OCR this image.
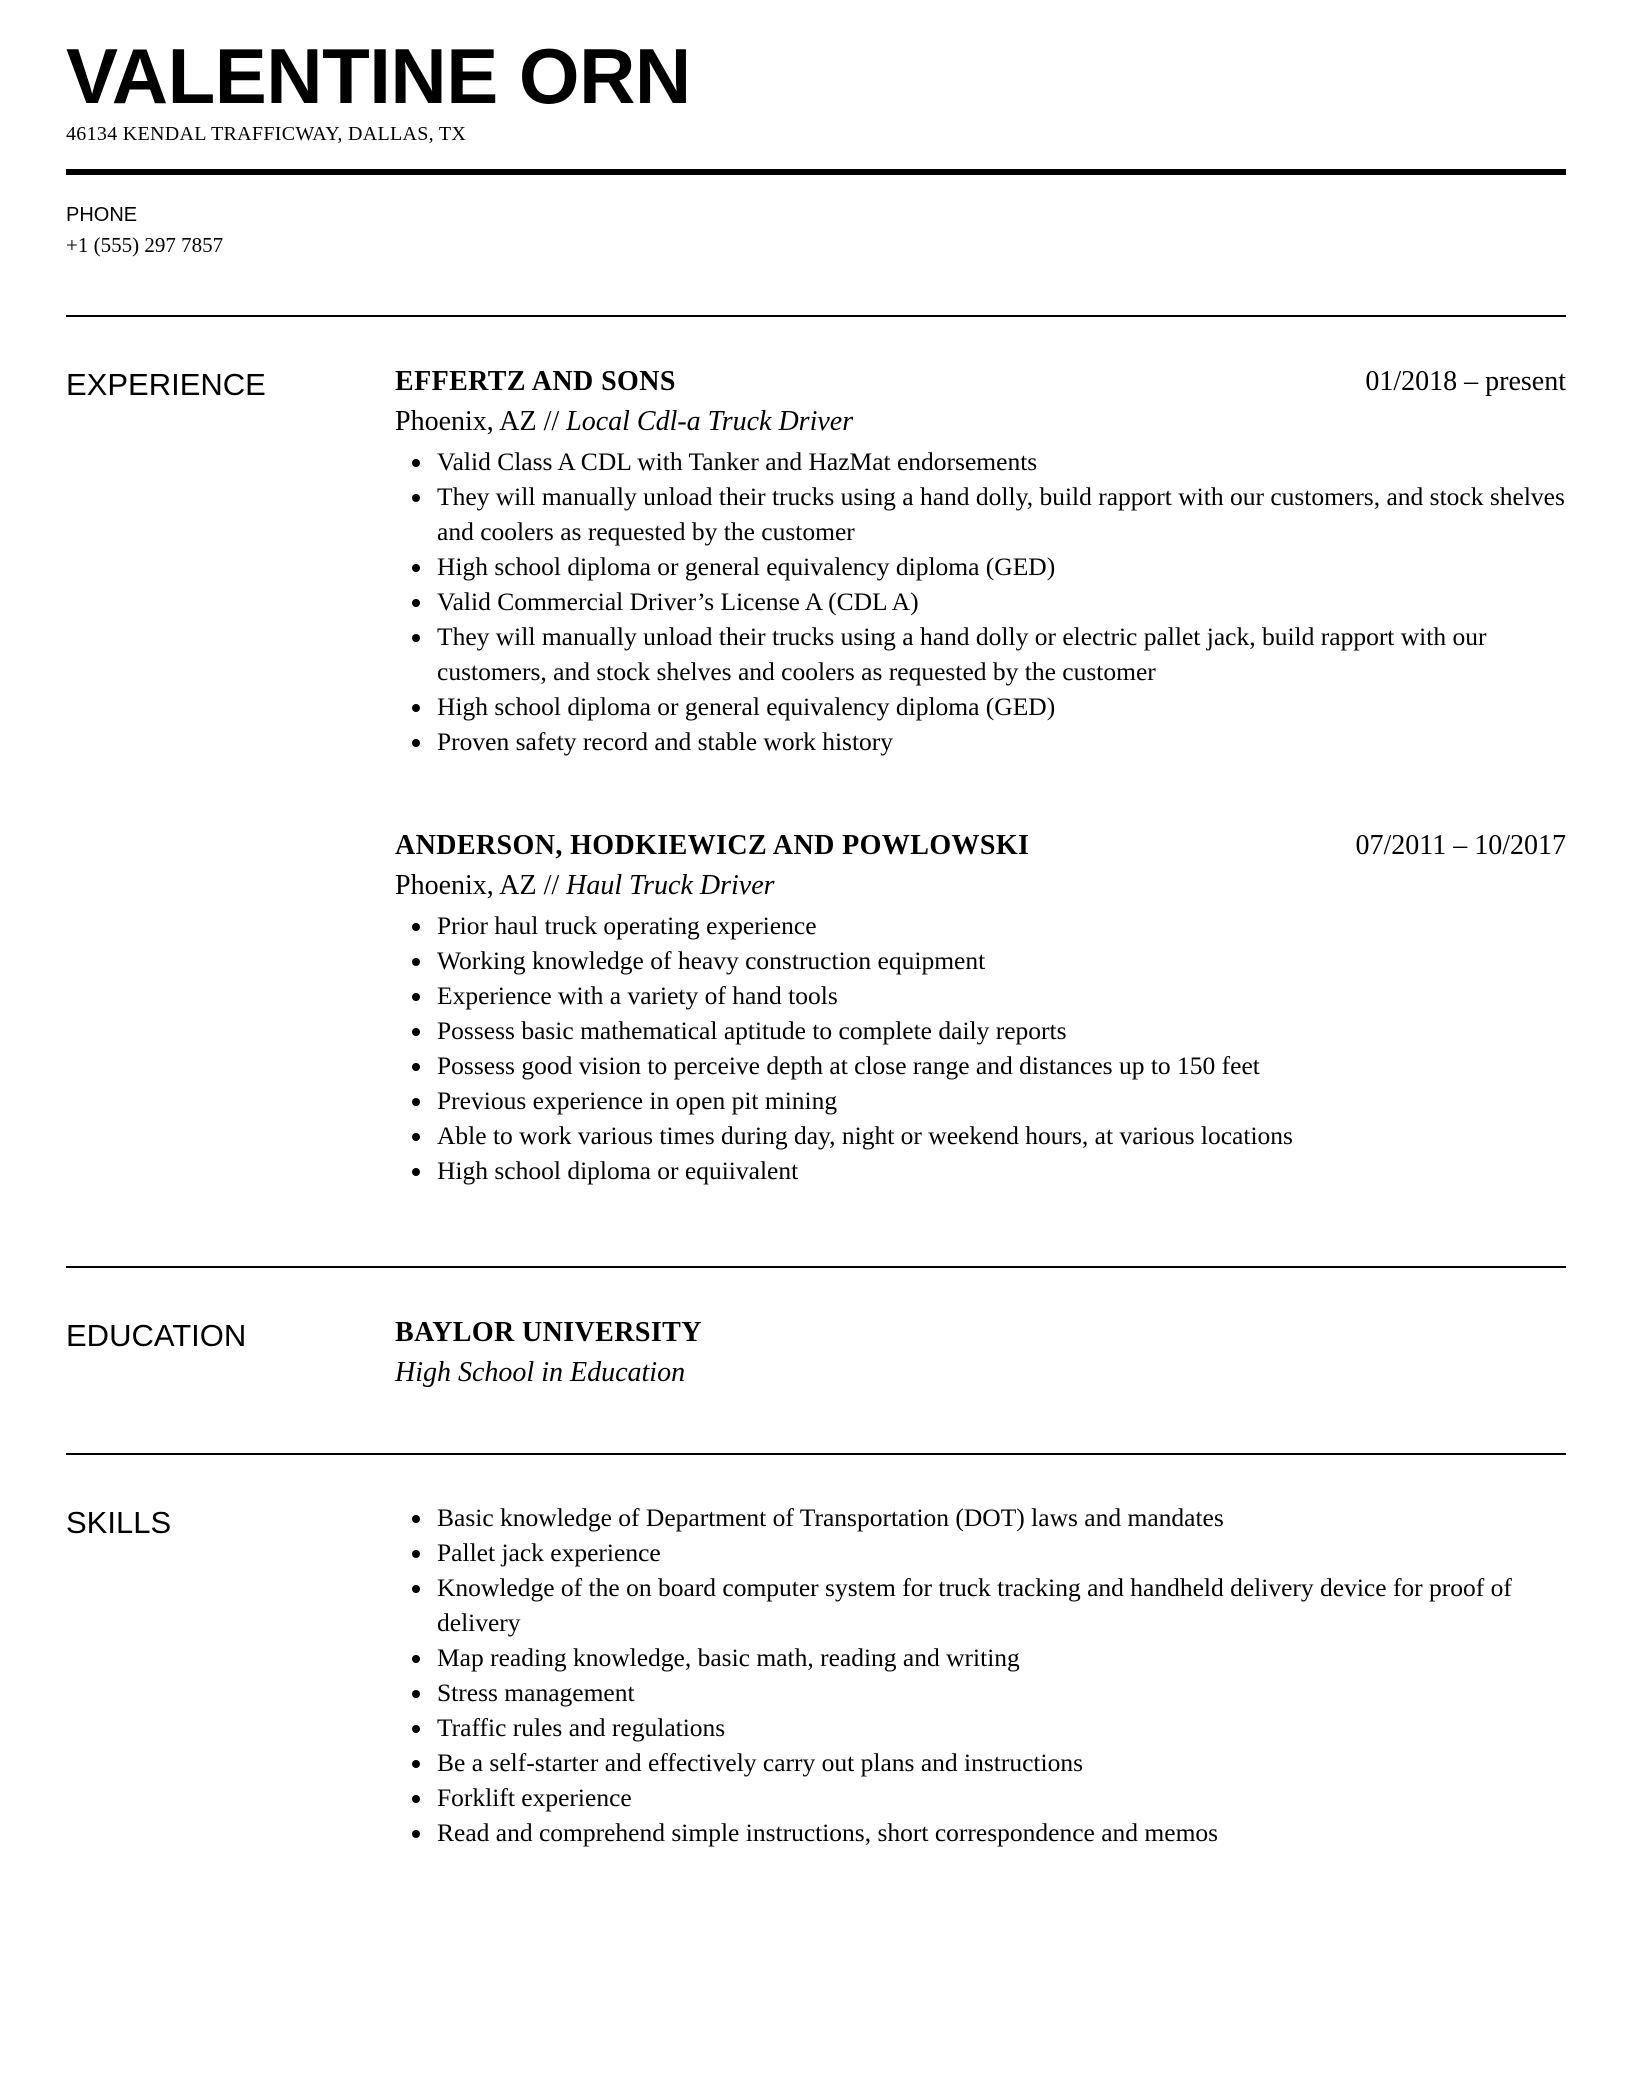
VALENTINE ORN
46134 KENDAL TRAFFICWAY, DALLAS, TX
PHONE
+1 (555) 297 7857
EXPERIENCE	EFFERTZ AND SONS	01/2018 – present
Phoenix, AZ // Local Cdl-a Truck Driver
Valid Class A CDL with Tanker and HazMat endorsements
They will manually unload their trucks using a hand dolly, build rapport with our customers, and stock shelves and coolers as requested by the customer
High school diploma or general equivalency diploma (GED)
Valid Commercial Driver’s License A (CDL A)
They will manually unload their trucks using a hand dolly or electric pallet jack, build rapport with our customers, and stock shelves and coolers as requested by the customer
High school diploma or general equivalency diploma (GED)
Proven safety record and stable work history
ANDERSON, HODKIEWICZ AND POWLOWSKI	07/2011 – 10/2017
Phoenix, AZ // Haul Truck Driver
Prior haul truck operating experience
Working knowledge of heavy construction equipment
Experience with a variety of hand tools
Possess basic mathematical aptitude to complete daily reports
Possess good vision to perceive depth at close range and distances up to 150 feet
Previous experience in open pit mining
Able to work various times during day, night or weekend hours, at various locations
High school diploma or equiivalent
EDUCATION	BAYLOR UNIVERSITY
High School in Education
SKILLS	Basic knowledge of Department of Transportation (DOT) laws and mandates
Pallet jack experience
Knowledge of the on board computer system for truck tracking and handheld delivery device for proof of delivery
Map reading knowledge, basic math, reading and writing
Stress management
Traffic rules and regulations
Be a self-starter and effectively carry out plans and instructions
Forklift experience
Read and comprehend simple instructions, short correspondence and memos
